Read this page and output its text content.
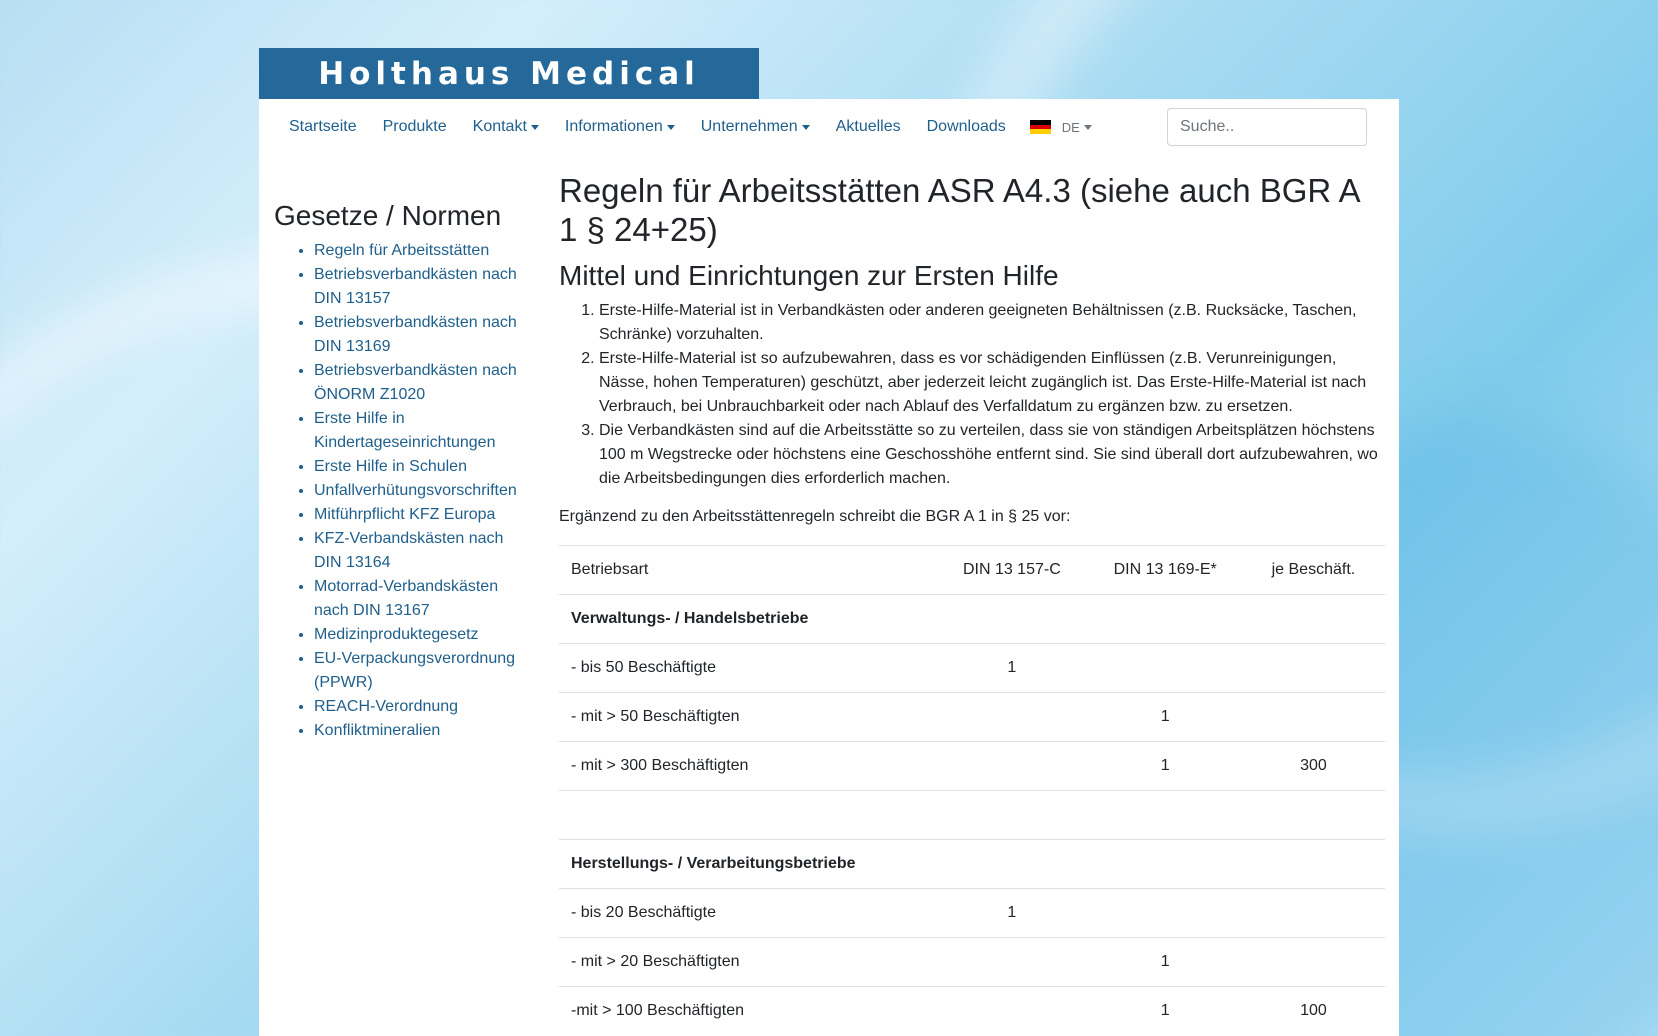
Holthaus Medical
Startseite Produkte Kontakt Informationen Unternehmen Aktuelles Downloads	DE
Suche..
Gesetze / Normen
• Regeln für Arbeitsstätten
• Betriebsverbandkästen nach DIN 13157
• Betriebsverbandkästen nach DIN 13169
• Betriebsverbandkästen nach ÖNORM Z1020
• Erste Hilfe in Kindertageseinrichtungen
• Erste Hilfe in Schulen
• Unfallverhütungsvorschriften
• Mitführpflicht KFZ Europa
• KFZ-Verbandskästen nach DIN 13164
• Motorrad-Verbandskästen nach DIN 13167
• Medizinproduktegesetz
• EU-Verpackungsverordnung (PPWR)
• REACH-Verordnung
• Konfliktmineralien
Regeln für Arbeitsstätten ASR A4.3 (siehe auch BGR A 1 § 24+25)
Mittel und Einrichtungen zur Ersten Hilfe
1. Erste-Hilfe-Material ist in Verbandkästen oder anderen geeigneten Behältnissen (z.B. Rucksäcke, Taschen, Schränke) vorzuhalten.
2. Erste-Hilfe-Material ist so aufzubewahren, dass es vor schädigenden Einflüssen (z.B. Verunreinigungen, Nässe, hohen Temperaturen) geschützt, aber jederzeit leicht zugänglich ist. Das Erste-Hilfe-Material ist nach Verbrauch, bei Unbrauchbarkeit oder nach Ablauf des Verfalldatum zu ergänzen bzw. zu ersetzen.
3. Die Verbandkästen sind auf die Arbeitsstätte so zu verteilen, dass sie von ständigen Arbeitsplätzen höchstens 100 m Wegstrecke oder höchstens eine Geschosshöhe entfernt sind. Sie sind überall dort aufzubewahren, wo die Arbeitsbedingungen dies erforderlich machen.

Ergänzend zu den Arbeitsstättenregeln schreibt die BGR A 1 in § 25 vor:

Betriebsart	DIN 13 157-C	DIN 13 169-E*	je Beschäft.
Verwaltungs- / Handelsbetriebe			
- bis 50 Beschäftigte	1		
- mit > 50 Beschäftigten		1	
- mit > 300 Beschäftigten		1	300

Herstellungs- / Verarbeitungsbetriebe			
- bis 20 Beschäftigte	1		
- mit > 20 Beschäftigten		1	
-mit > 100 Beschäftigten		1	100
